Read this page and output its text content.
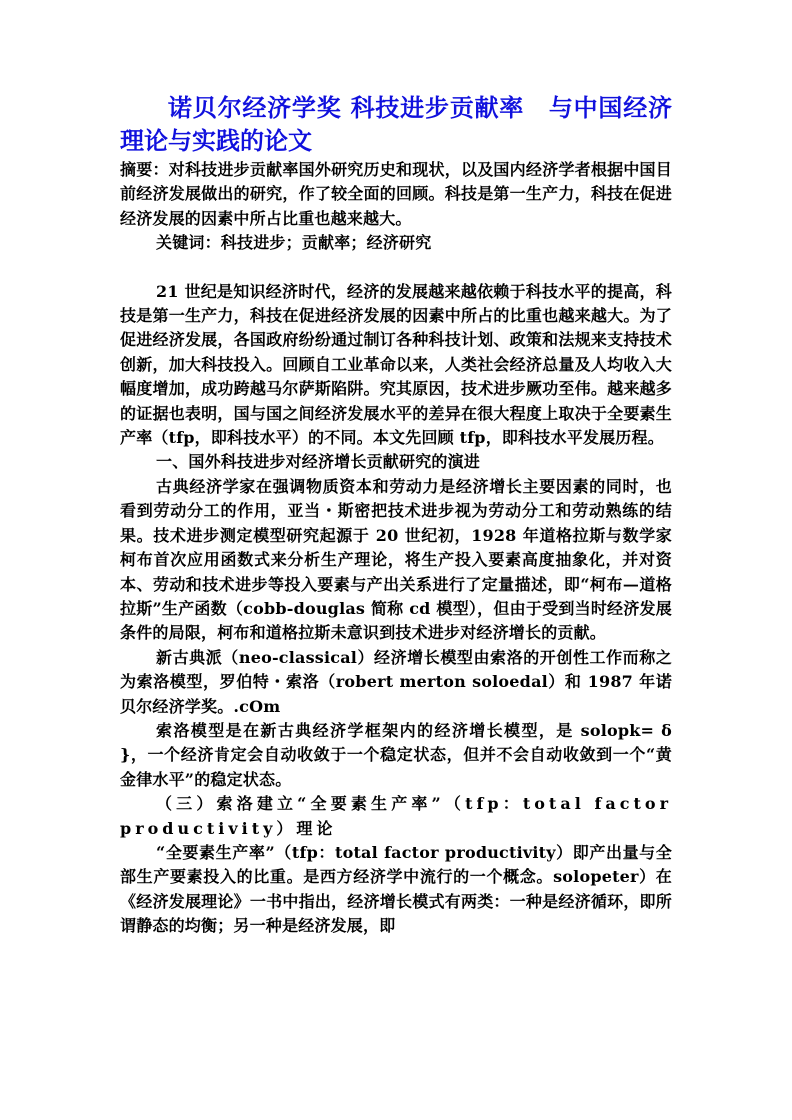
诺贝尔经济学奖 科技进步贡献率　与中国经济理论与实践的论文

摘要：对科技进步贡献率国外研究历史和现状，以及国内经济学者根据中国目前经济发展做出的研究，作了较全面的回顾。科技是第一生产力，科技在促进经济发展的因素中所占比重也越来越大。

关键词：科技进步；贡献率；经济研究

21 世纪是知识经济时代，经济的发展越来越依赖于科技水平的提高，科技是第一生产力，科技在促进经济发展的因素中所占的比重也越来越大。为了促进经济发展，各国政府纷纷通过制订各种科技计划、政策和法规来支持技术创新，加大科技投入。回顾自工业革命以来，人类社会经济总量及人均收入大幅度增加，成功跨越马尔萨斯陷阱。究其原因，技术进步厥功至伟。越来越多的证据也表明，国与国之间经济发展水平的差异在很大程度上取决于全要素生产率（tfp，即科技水平）的不同。本文先回顾 tfp，即科技水平发展历程。

一、国外科技进步对经济增长贡献研究的演进

古典经济学家在强调物质资本和劳动力是经济增长主要因素的同时，也看到劳动分工的作用，亚当・斯密把技术进步视为劳动分工和劳动熟练的结果。技术进步测定模型研究起源于 20 世纪初，1928 年道格拉斯与数学家柯布首次应用函数式来分析生产理论，将生产投入要素高度抽象化，并对资本、劳动和技术进步等投入要素与产出关系进行了定量描述，即“柯布—道格拉斯”生产函数（cobb-douglas 简称 cd 模型），但由于受到当时经济发展条件的局限，柯布和道格拉斯未意识到技术进步对经济增长的贡献。

新古典派（neo-classical）经济增长模型由索洛的开创性工作而称之为索洛模型，罗伯特・索洛（robert merton soloedal）和 1987 年诺贝尔经济学奖。.cOm

索洛模型是在新古典经济学框架内的经济增长模型，是 solopk= δ }，一个经济肯定会自动收敛于一个稳定状态，但并不会自动收敛到一个“黄金律水平”的稳定状态。

（三）索洛建立“全要素生产率”（tfp：total factor productivity）理论

“全要素生产率”（tfp：total factor productivity）即产出量与全部生产要素投入的比重。是西方经济学中流行的一个概念。solopeter）在《经济发展理论》一书中指出，经济增长模式有两类：一种是经济循环，即所谓静态的均衡；另一种是经济发展，即
